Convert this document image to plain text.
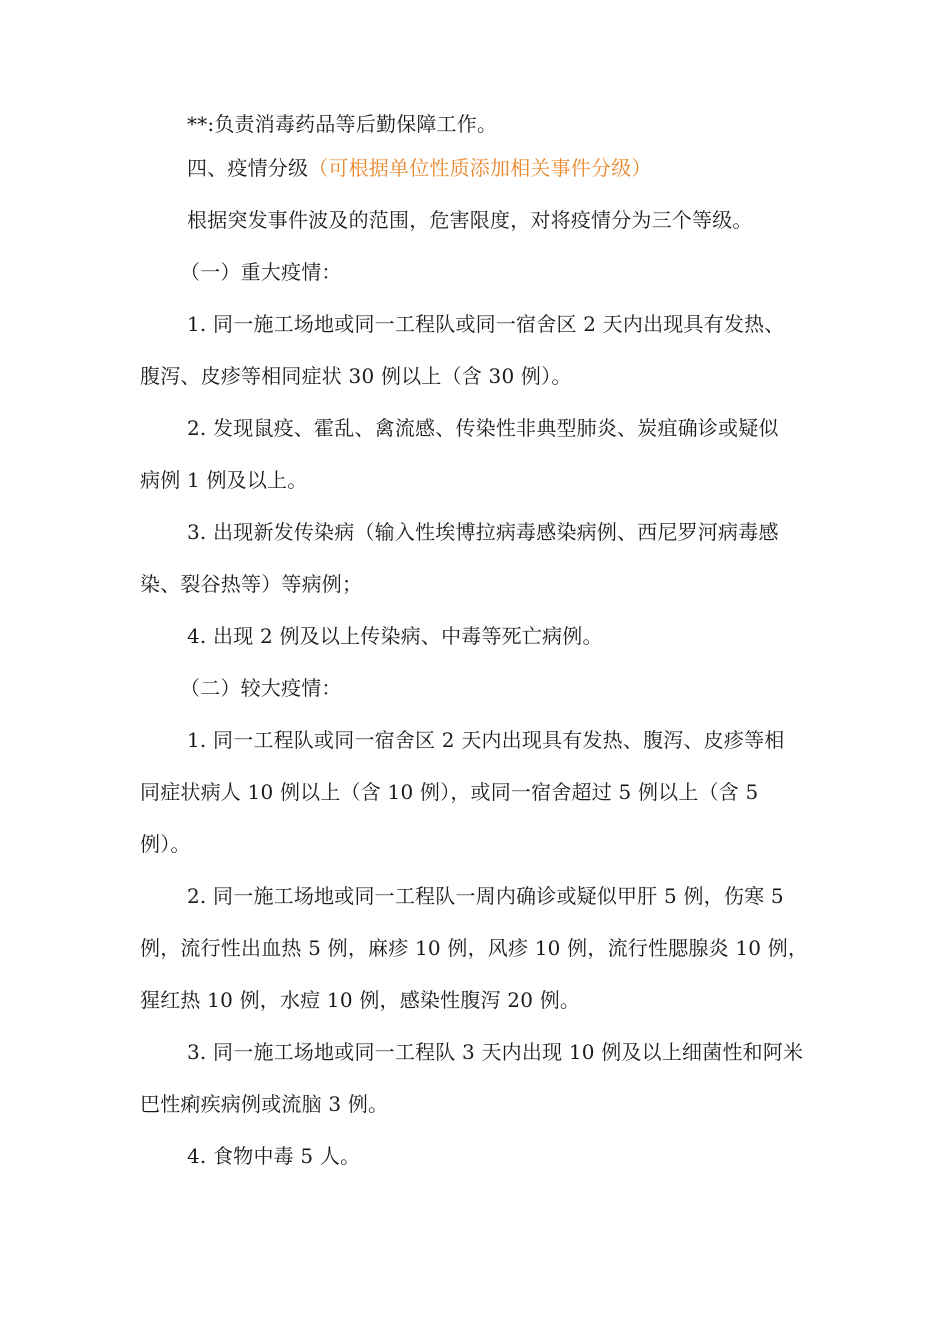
**:负责消毒药品等后勤保障工作。
四、疫情分级（可根据单位性质添加相关事件分级）
根据突发事件波及的范围，危害限度，对将疫情分为三个等级。
（一）重大疫情：
1. 同一施工场地或同一工程队或同一宿舍区 2 天内出现具有发热、
腹泻、皮疹等相同症状 30 例以上（含 30 例）。
2. 发现鼠疫、霍乱、禽流感、传染性非典型肺炎、炭疽确诊或疑似
病例 1 例及以上。
3. 出现新发传染病（输入性埃博拉病毒感染病例、西尼罗河病毒感
染、裂谷热等）等病例；
4. 出现 2 例及以上传染病、中毒等死亡病例。
（二）较大疫情：
1. 同一工程队或同一宿舍区 2 天内出现具有发热、腹泻、皮疹等相
同症状病人 10 例以上（含 10 例），或同一宿舍超过 5 例以上（含 5
例）。
2. 同一施工场地或同一工程队一周内确诊或疑似甲肝 5 例，伤寒 5
例，流行性出血热 5 例，麻疹 10 例，风疹 10 例，流行性腮腺炎 10 例，
猩红热 10 例，水痘 10 例，感染性腹泻 20 例。
3. 同一施工场地或同一工程队 3 天内出现 10 例及以上细菌性和阿米
巴性痢疾病例或流脑 3 例。
4. 食物中毒 5 人。
